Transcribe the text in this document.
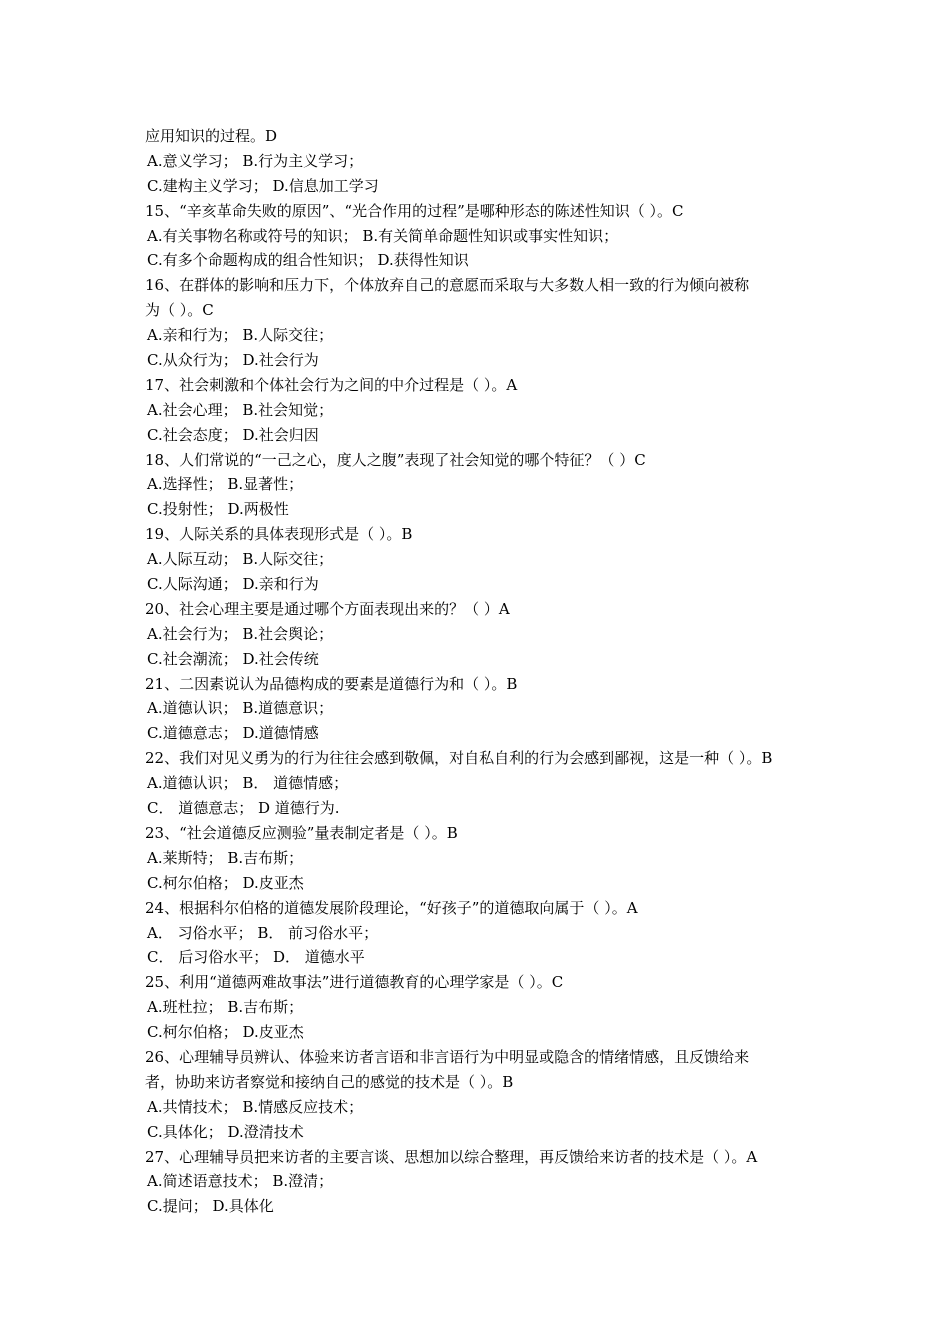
应用知识的过程。D
A.意义学习； B.行为主义学习；
C.建构主义学习； D.信息加工学习
15、“辛亥革命失败的原因”、“光合作用的过程”是哪种形态的陈述性知识（ ）。C
A.有关事物名称或符号的知识； B.有关简单命题性知识或事实性知识；
C.有多个命题构成的组合性知识； D.获得性知识
16、在群体的影响和压力下，个体放弃自己的意愿而采取与大多数人相一致的行为倾向被称
为（ ）。C
A.亲和行为； B.人际交往；
C.从众行为； D.社会行为
17、社会刺激和个体社会行为之间的中介过程是（ ）。A
A.社会心理； B.社会知觉；
C.社会态度； D.社会归因
18、人们常说的“一己之心，度人之腹”表现了社会知觉的哪个特征？（ ）C
A.选择性； B.显著性；
C.投射性； D.两极性
19、人际关系的具体表现形式是（ ）。B
A.人际互动； B.人际交往；
C.人际沟通； D.亲和行为
20、社会心理主要是通过哪个方面表现出来的？（ ）A
A.社会行为； B.社会舆论；
C.社会潮流； D.社会传统
21、二因素说认为品德构成的要素是道德行为和（ ）。B
A.道德认识； B.道德意识；
C.道德意志； D.道德情感
22、我们对见义勇为的行为往往会感到敬佩，对自私自利的行为会感到鄙视，这是一种（ ）。B
A.道德认识； B． 道德情感；
C． 道德意志； D 道德行为.
23、“社会道德反应测验”量表制定者是（ ）。B
A.莱斯特； B.吉布斯；
C.柯尔伯格； D.皮亚杰
24、根据科尔伯格的道德发展阶段理论，“好孩子”的道德取向属于（ ）。A
A． 习俗水平； B． 前习俗水平；
C． 后习俗水平； D． 道德水平
25、利用“道德两难故事法”进行道德教育的心理学家是（ ）。C
A.班杜拉； B.吉布斯；
C.柯尔伯格； D.皮亚杰
26、心理辅导员辨认、体验来访者言语和非言语行为中明显或隐含的情绪情感，且反馈给来
者，协助来访者察觉和接纳自己的感觉的技术是（ ）。B
A.共情技术； B.情感反应技术；
C.具体化； D.澄清技术
27、心理辅导员把来访者的主要言谈、思想加以综合整理，再反馈给来访者的技术是（ ）。A
A.简述语意技术； B.澄清；
C.提问； D.具体化
